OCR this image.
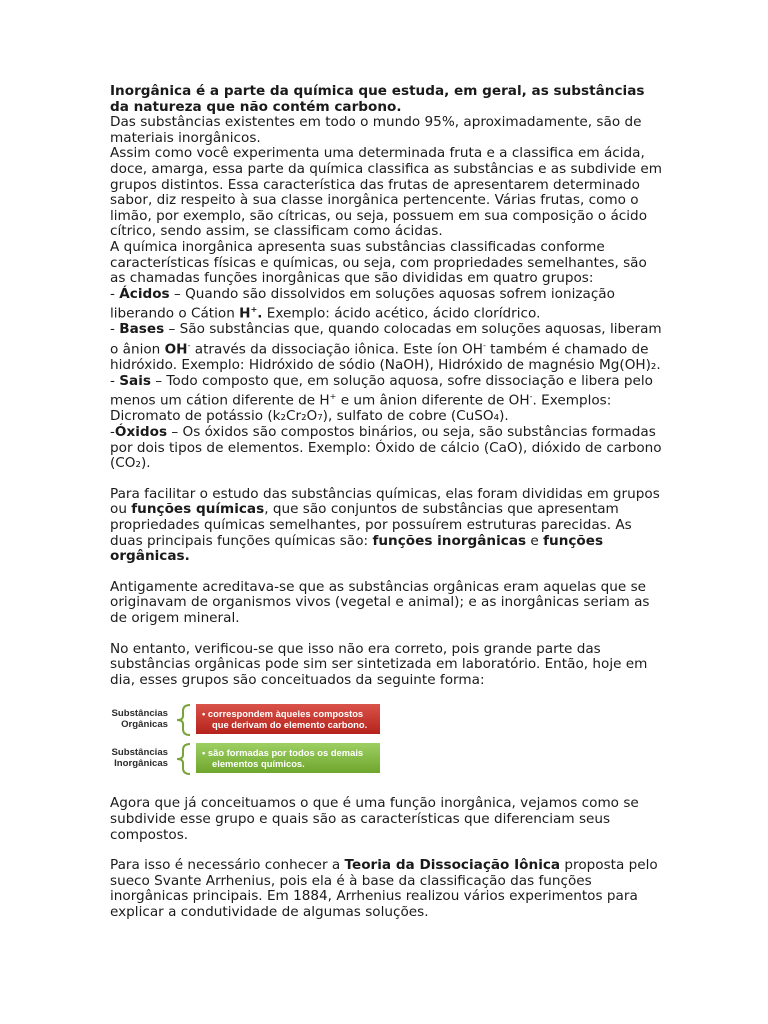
Inorgânica é a parte da química que estuda, em geral, as substâncias da natureza que não contém carbono.

Das substâncias existentes em todo o mundo 95%, aproximadamente, são de materiais inorgânicos.

Assim como você experimenta uma determinada fruta e a classifica em ácida, doce, amarga, essa parte da química classifica as substâncias e as subdivide em grupos distintos. Essa característica das frutas de apresentarem determinado sabor, diz respeito à sua classe inorgânica pertencente. Várias frutas, como o limão, por exemplo, são cítricas, ou seja, possuem em sua composição o ácido cítrico, sendo assim, se classificam como ácidas.

A química inorgânica apresenta suas substâncias classificadas conforme características físicas e químicas, ou seja, com propriedades semelhantes, são as chamadas funções inorgânicas que são divididas em quatro grupos:

- Ácidos – Quando são dissolvidos em soluções aquosas sofrem ionização liberando o Cátion H+. Exemplo: ácido acético, ácido clorídrico.

- Bases – São substâncias que, quando colocadas em soluções aquosas, liberam o ânion OH- através da dissociação iônica. Este íon OH- também é chamado de hidróxido. Exemplo: Hidróxido de sódio (NaOH), Hidróxido de magnésio Mg(OH)₂.

- Sais – Todo composto que, em solução aquosa, sofre dissociação e libera pelo menos um cátion diferente de H+ e um ânion diferente de OH-. Exemplos: Dicromato de potássio (k₂Cr₂O₇), sulfato de cobre (CuSO₄).

-Óxidos – Os óxidos são compostos binários, ou seja, são substâncias formadas por dois tipos de elementos. Exemplo: Óxido de cálcio (CaO), dióxido de carbono (CO₂).

Para facilitar o estudo das substâncias químicas, elas foram divididas em grupos ou funções químicas, que são conjuntos de substâncias que apresentam propriedades químicas semelhantes, por possuírem estruturas parecidas. As duas principais funções químicas são: funções inorgânicas e funções orgânicas.

Antigamente acreditava-se que as substâncias orgânicas eram aquelas que se originavam de organismos vivos (vegetal e animal); e as inorgânicas seriam as de origem mineral.

No entanto, verificou-se que isso não era correto, pois grande parte das substâncias orgânicas pode sim ser sintetizada em laboratório. Então, hoje em dia, esses grupos são conceituados da seguinte forma:

Substâncias
Orgânicas
• correspondem àqueles compostos
que derivam do elemento carbono.
Substâncias
Inorgânicas
• são formadas por todos os demais
elementos químicos.

Agora que já conceituamos o que é uma função inorgânica, vejamos como se subdivide esse grupo e quais são as características que diferenciam seus compostos.

Para isso é necessário conhecer a Teoria da Dissociação Iônica proposta pelo sueco Svante Arrhenius, pois ela é à base da classificação das funções inorgânicas principais. Em 1884, Arrhenius realizou vários experimentos para explicar a condutividade de algumas soluções.
